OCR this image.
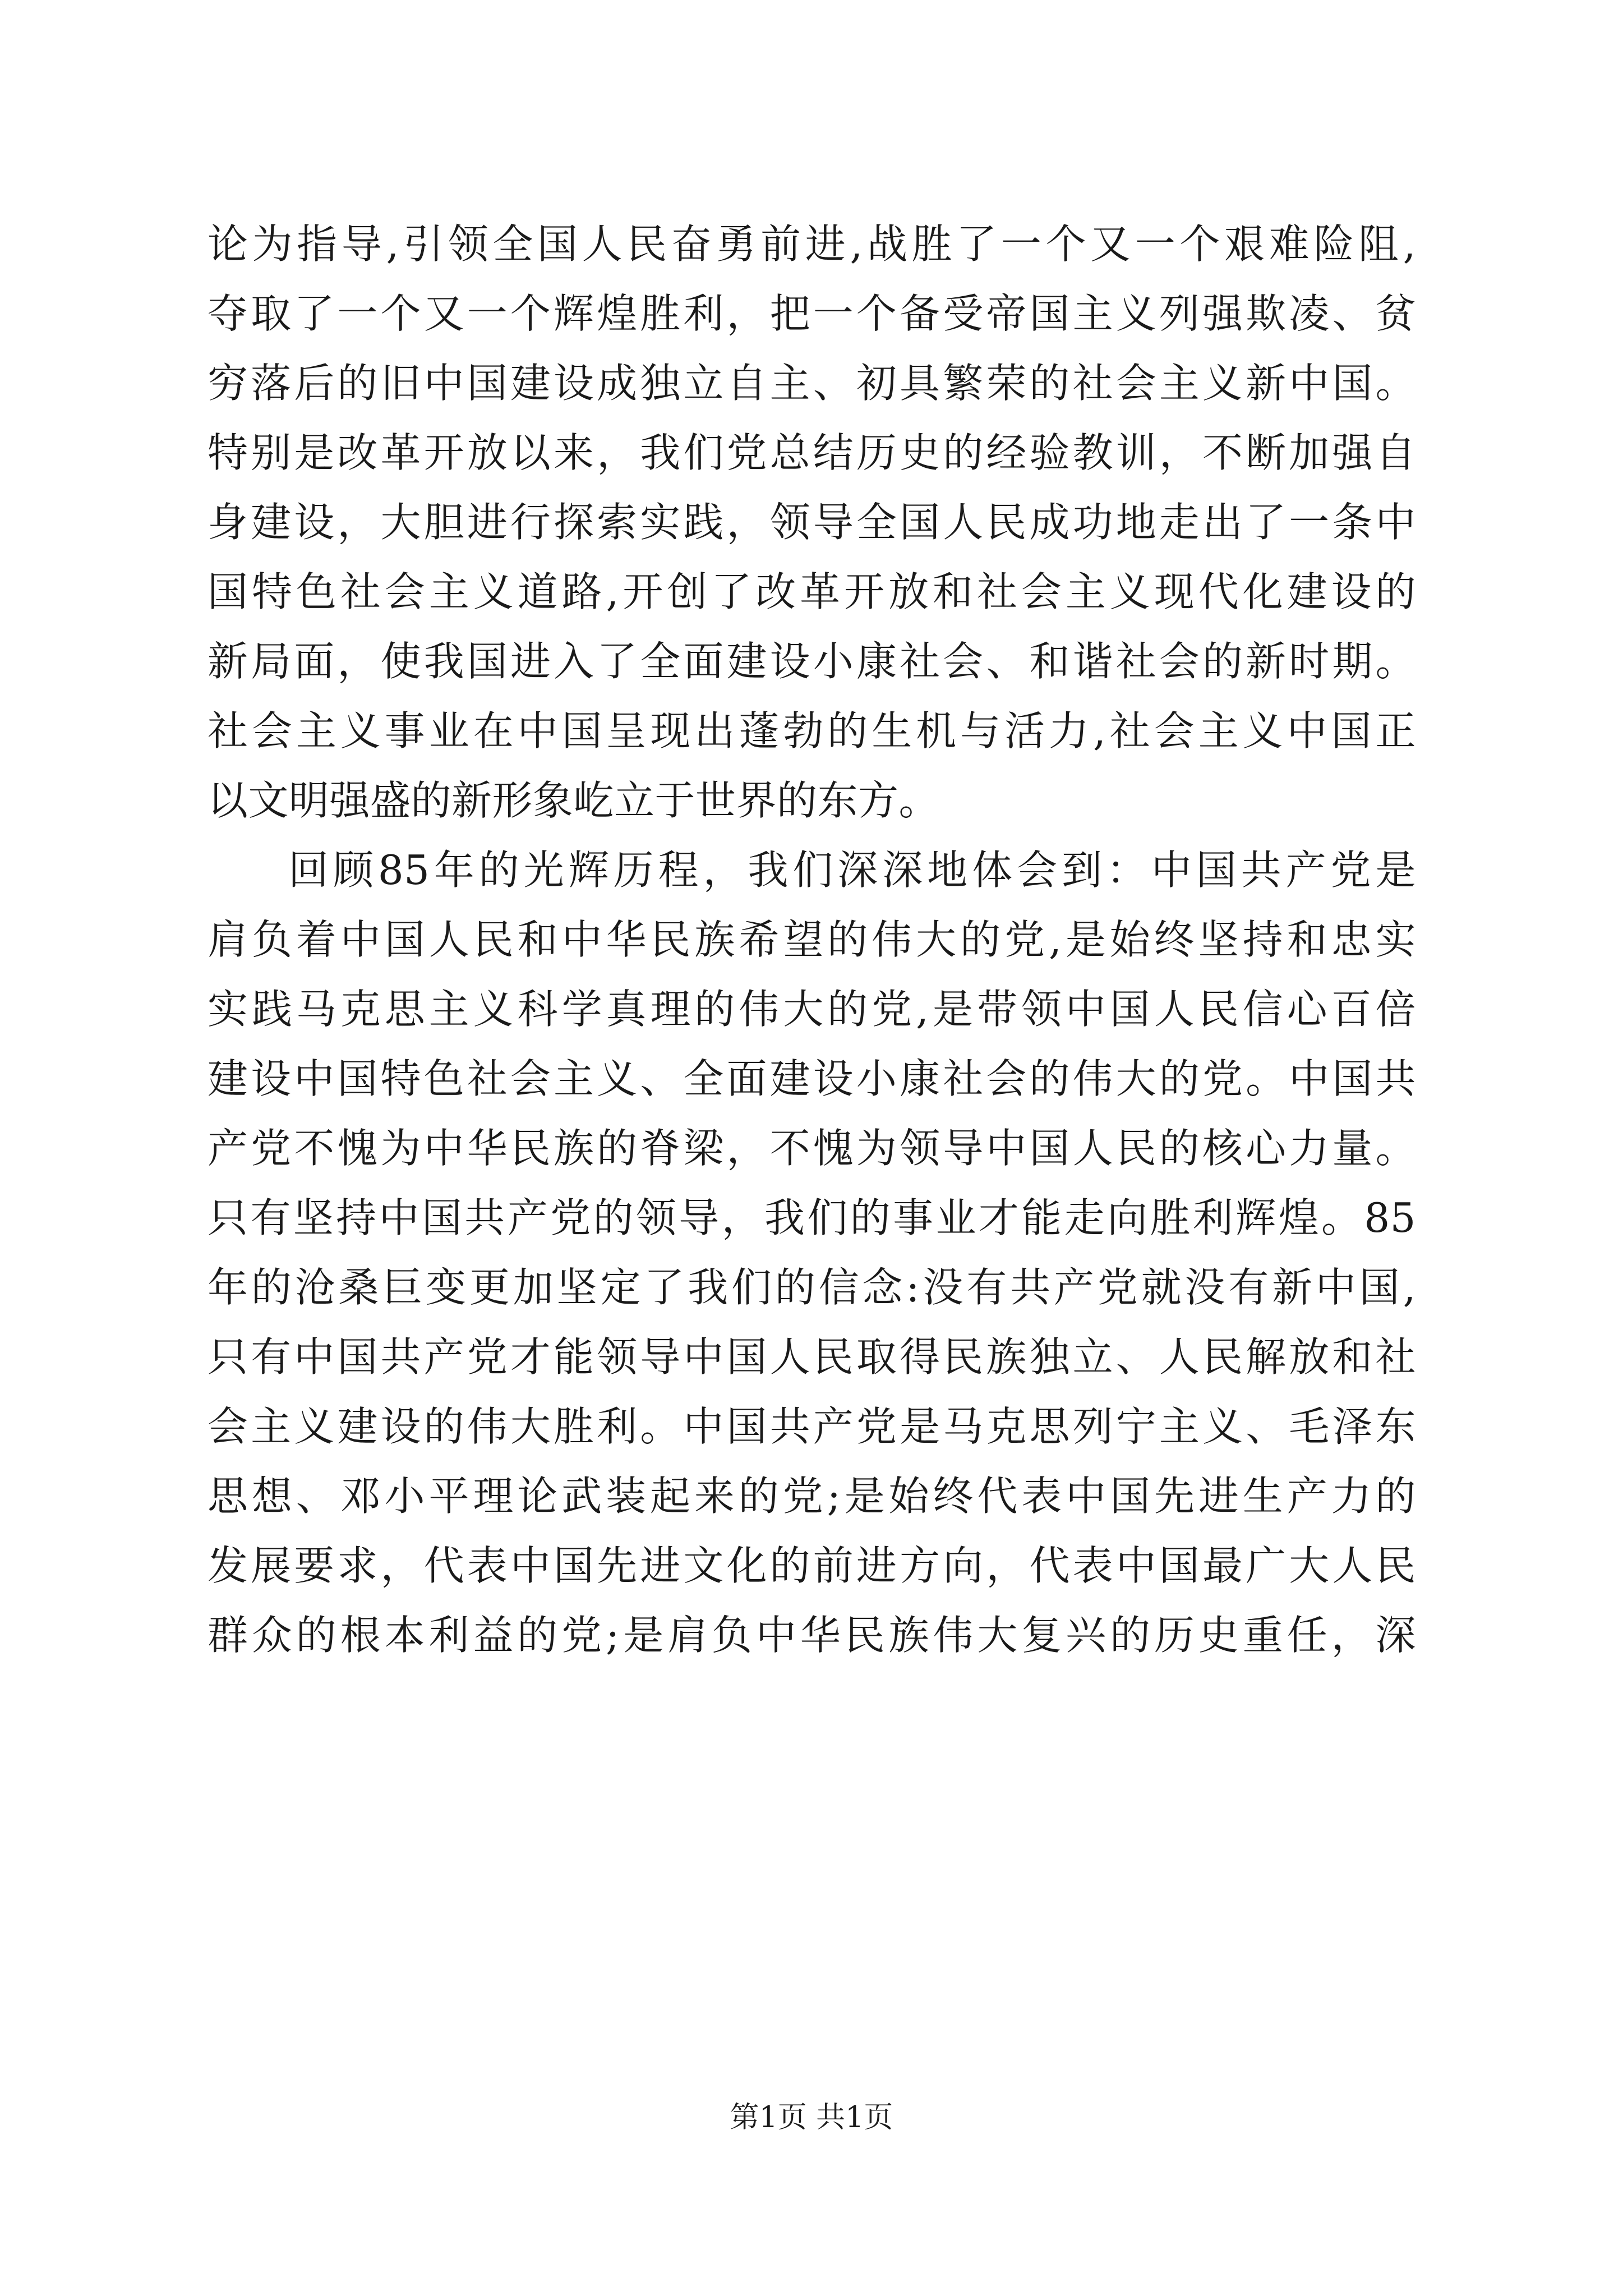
论为指导,引领全国人民奋勇前进,战胜了一个又一个艰难险阻,
夺取了一个又一个辉煌胜利，把一个备受帝国主义列强欺凌、贫
穷落后的旧中国建设成独立自主、初具繁荣的社会主义新中国。
特别是改革开放以来，我们党总结历史的经验教训，不断加强自
身建设，大胆进行探索实践，领导全国人民成功地走出了一条中
国特色社会主义道路,开创了改革开放和社会主义现代化建设的
新局面，使我国进入了全面建设小康社会、和谐社会的新时期。
社会主义事业在中国呈现出蓬勃的生机与活力,社会主义中国正
以文明强盛的新形象屹立于世界的东方。
回顾85年的光辉历程，我们深深地体会到：中国共产党是
肩负着中国人民和中华民族希望的伟大的党,是始终坚持和忠实
实践马克思主义科学真理的伟大的党,是带领中国人民信心百倍
建设中国特色社会主义、全面建设小康社会的伟大的党。中国共
产党不愧为中华民族的脊梁，不愧为领导中国人民的核心力量。
只有坚持中国共产党的领导，我们的事业才能走向胜利辉煌。85
年的沧桑巨变更加坚定了我们的信念:没有共产党就没有新中国,
只有中国共产党才能领导中国人民取得民族独立、人民解放和社
会主义建设的伟大胜利。中国共产党是马克思列宁主义、毛泽东
思想、邓小平理论武装起来的党;是始终代表中国先进生产力的
发展要求，代表中国先进文化的前进方向，代表中国最广大人民
群众的根本利益的党;是肩负中华民族伟大复兴的历史重任，深
第1页 共1页
